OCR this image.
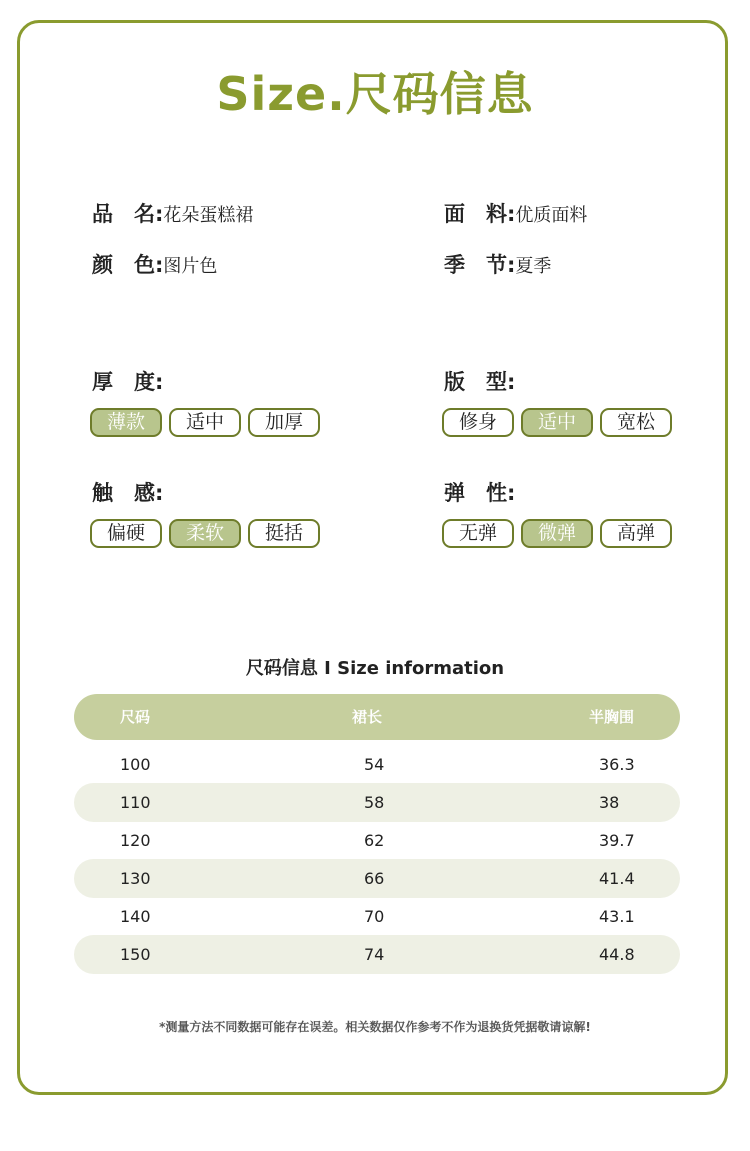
Size.尺码信息
品　名:花朵蛋糕裙	面　料:优质面料
颜　色:图片色	季　节:夏季
厚　度:
薄款	适中	加厚
版　型:
修身	适中	宽松
触　感:
偏硬	柔软	挺括
弹　性:
无弹	微弹	高弹
尺码信息 I Size information
尺码	裙长	半胸围
100	54	36.3
110	58	38
120	62	39.7
130	66	41.4
140	70	43.1
150	74	44.8
*测量方法不同数据可能存在误差。相关数据仅作参考不作为退换货凭据敬请谅解!
